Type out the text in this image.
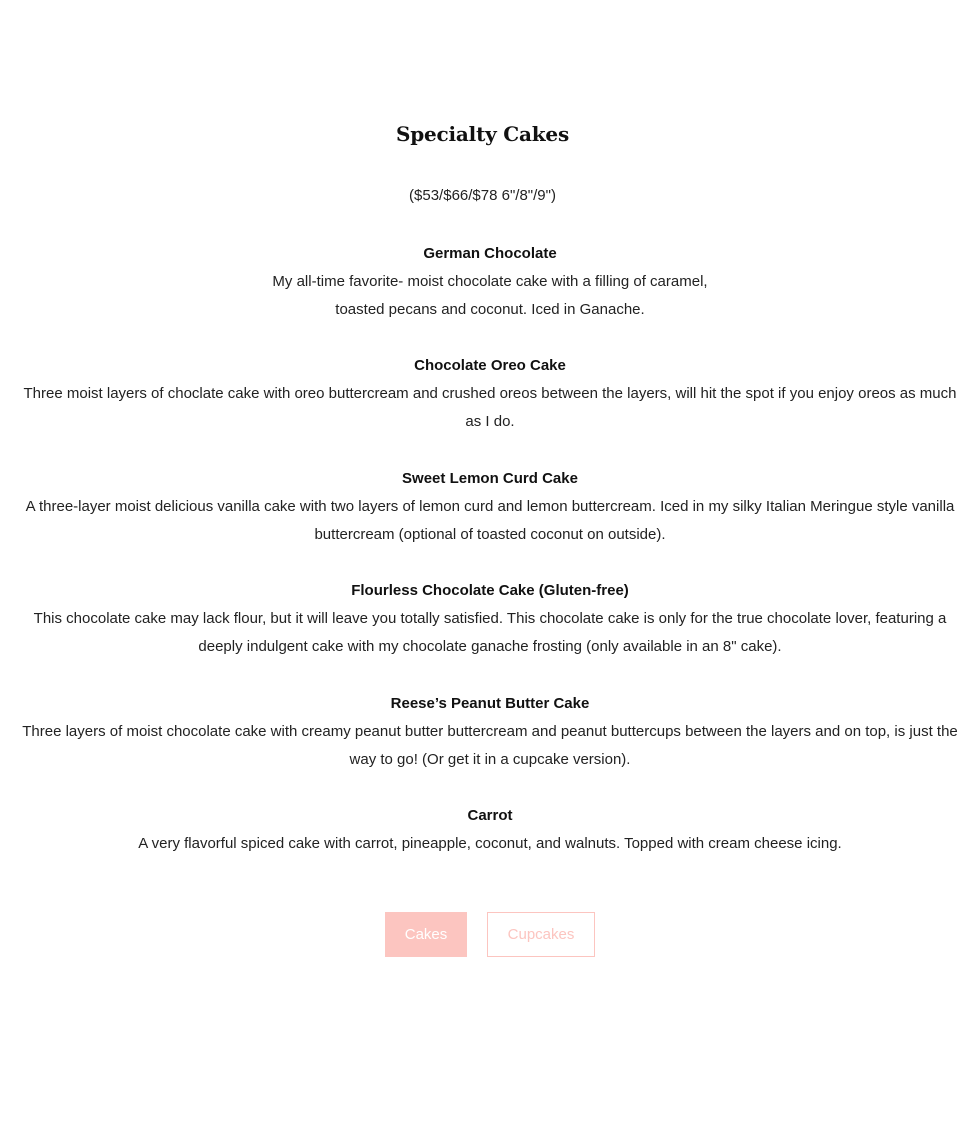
Specialty Cakes

($53/$66/$78 6"/8"/9")

German Chocolate

My all-time favorite- moist chocolate cake with a filling of caramel, toasted pecans and coconut. Iced in Ganache.

Chocolate Oreo Cake

Three moist layers of choclate cake with oreo buttercream and crushed oreos between the layers, will hit the spot if you enjoy oreos as much as I do.

Sweet Lemon Curd Cake

A three-layer moist delicious vanilla cake with two layers of lemon curd and lemon buttercream. Iced in my silky Italian Meringue style vanilla buttercream (optional of toasted coconut on outside).

Flourless Chocolate Cake (Gluten-free)

This chocolate cake may lack flour, but it will leave you totally satisfied. This chocolate cake is only for the true chocolate lover, featuring a deeply indulgent cake with my chocolate ganache frosting (only available in an 8" cake).

Reese’s Peanut Butter Cake

Three layers of moist chocolate cake with creamy peanut butter buttercream and peanut buttercups between the layers and on top, is just the way to go! (Or get it in a cupcake version).

Carrot

A very flavorful spiced cake with carrot, pineapple, coconut, and walnuts. Topped with cream cheese icing.

Cakes	Cupcakes
